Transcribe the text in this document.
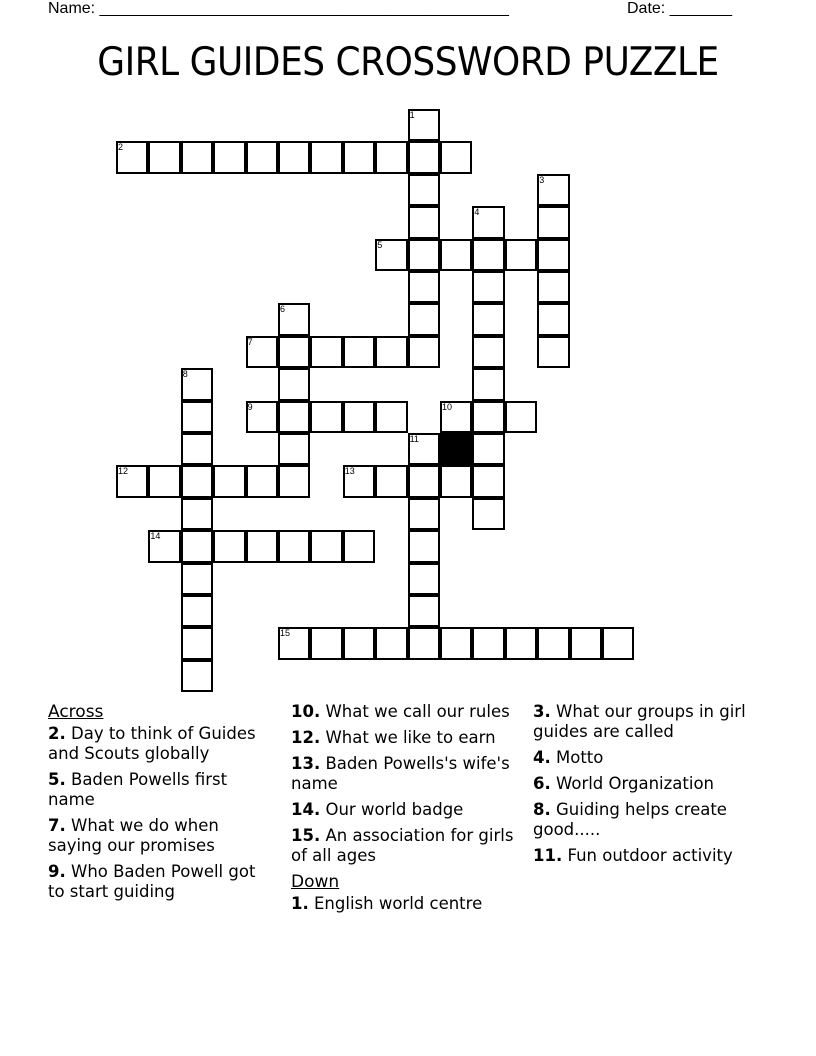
Name: ______________________________________________	Date: _______
GIRL GUIDES CROSSWORD PUZZLE
1
2
3
4
5
6
7
8
9	10
11
12	13
14
15
Across
2. Day to think of Guides and Scouts globally
5. Baden Powells first name
7. What we do when saying our promises
9. Who Baden Powell got to start guiding
10. What we call our rules
12. What we like to earn
13. Baden Powells's wife's name
14. Our world badge
15. An association for girls of all ages
Down
1. English world centre
3. What our groups in girl guides are called
4. Motto
6. World Organization
8. Guiding helps create good.....
11. Fun outdoor activity
